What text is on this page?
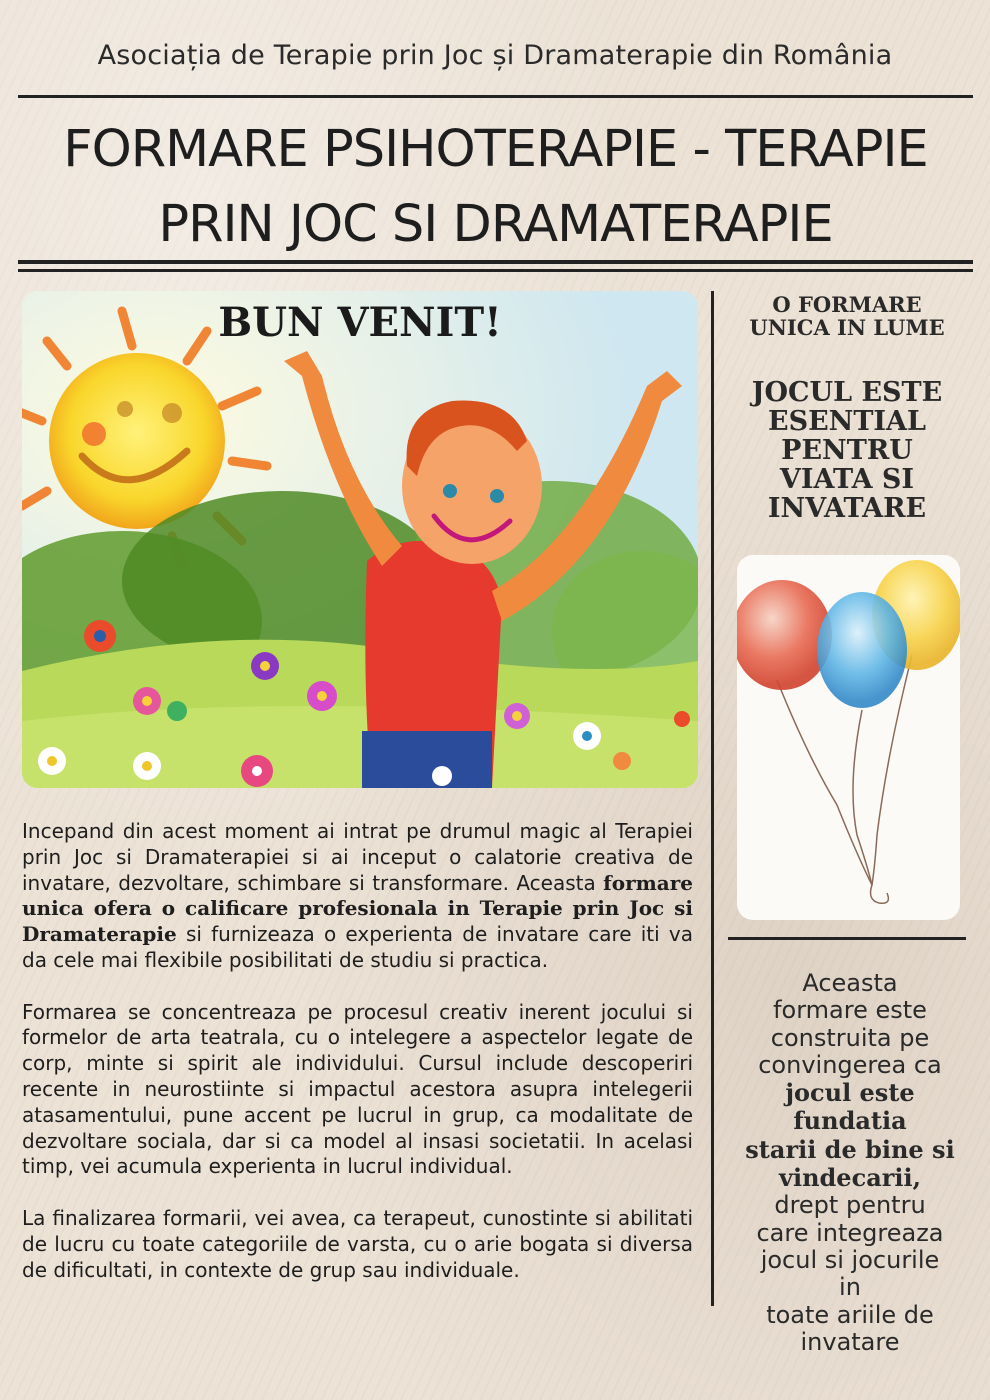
Asociația de Terapie prin Joc și Dramaterapie din România
FORMARE PSIHOTERAPIE - TERAPIE
PRIN JOC SI DRAMATERAPIE
BUN VENIT!	O FORMARE
UNICA IN LUME
JOCUL ESTE
ESENTIAL
PENTRU
VIATA SI
INVATARE
Aceasta
formare este
construita pe
convingerea ca
jocul este
fundatia
starii de bine si
vindecarii,
drept pentru
care integreaza
jocul si jocurile
in
toate ariile de
invatare

Incepand din acest moment ai intrat pe drumul magic al Terapiei prin Joc si Dramaterapiei si ai inceput o calatorie creativa de invatare, dezvoltare, schimbare si transformare. Aceasta formare unica ofera o calificare profesionala in Terapie prin Joc si Dramaterapie si furnizeaza o experienta de invatare care iti va da cele mai flexibile posibilitati de studiu si practica.

Formarea se concentreaza pe procesul creativ inerent jocului si formelor de arta teatrala, cu o intelegere a aspectelor legate de corp, minte si spirit ale individului. Cursul include descoperiri recente in neurostiinte si impactul acestora asupra intelegerii atasamentului, pune accent pe lucrul in grup, ca modalitate de dezvoltare sociala, dar si ca model al insasi societatii. In acelasi timp, vei acumula experienta in lucrul individual.

La finalizarea formarii, vei avea, ca terapeut, cunostinte si abilitati de lucru cu toate categoriile de varsta, cu o arie bogata si diversa de dificultati, in contexte de grup sau individuale.
